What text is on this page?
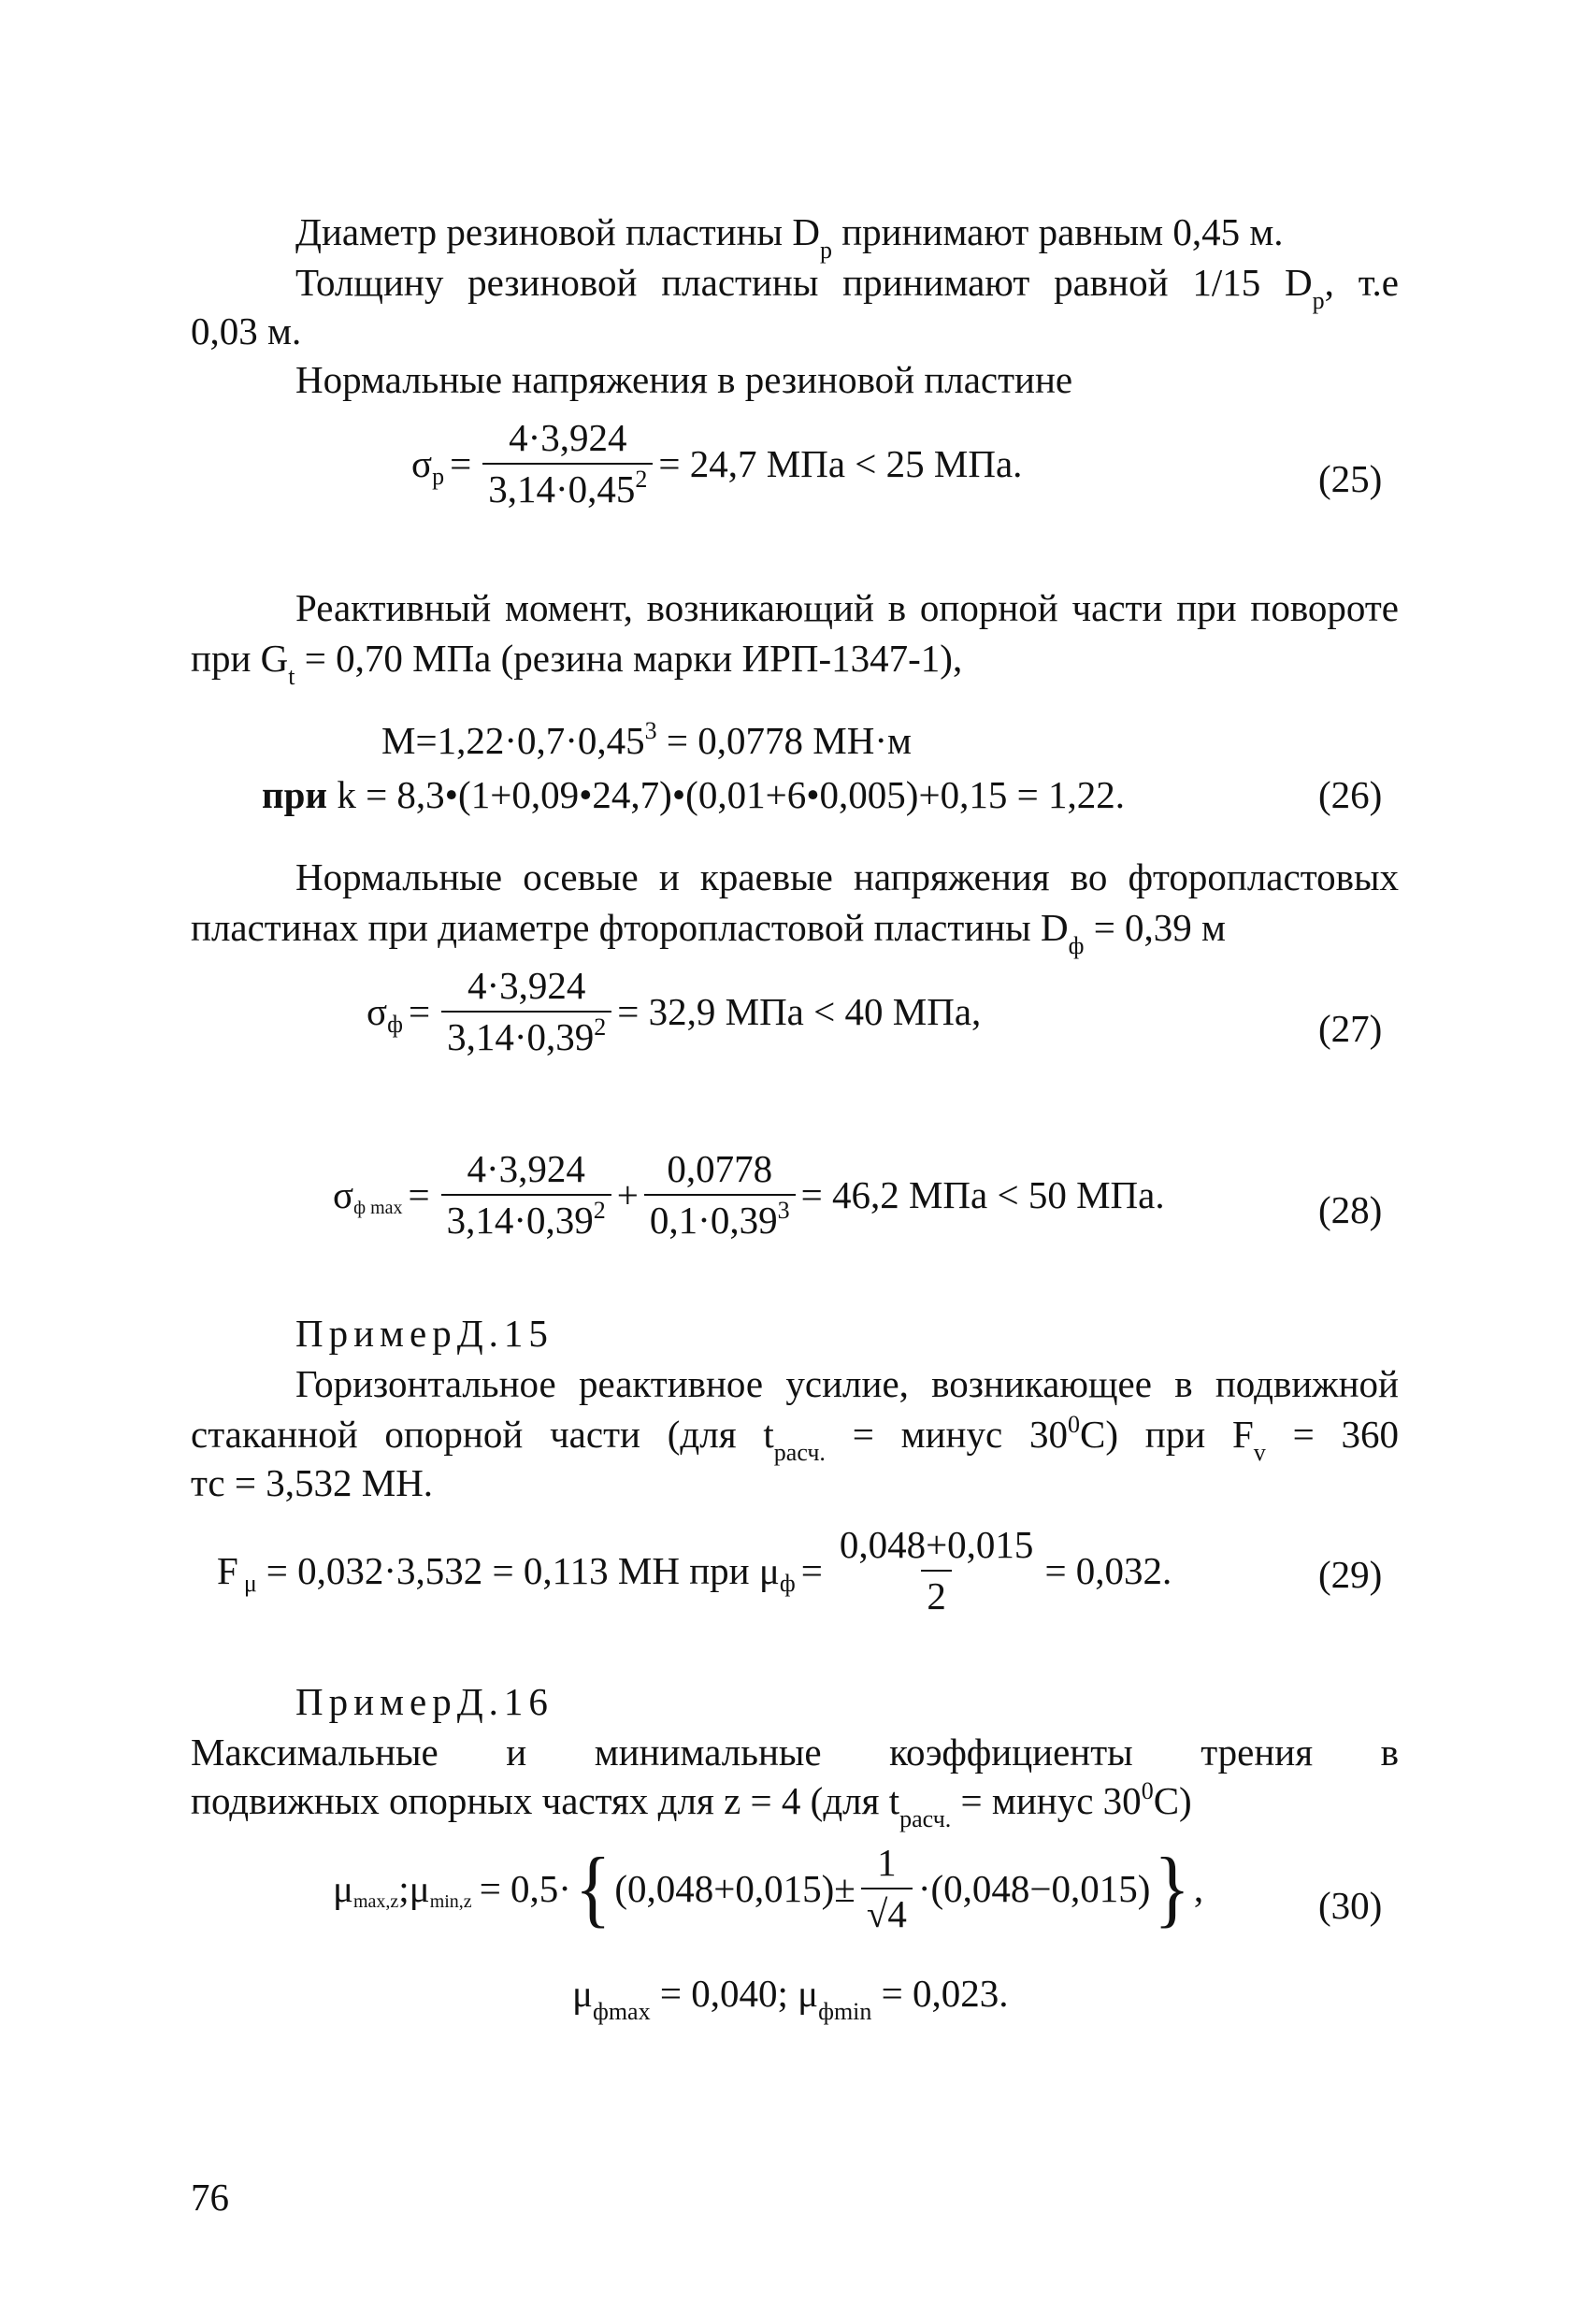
Диаметр резиновой пластины $D_р$ принимают равным 0,45 м.
Толщину резиновой пластины принимают равной 1/15 $D_р$, т.е
0,03 м.
Нормальные напряжения в резиновой пластине
σ $р = \frac{4\cdot 3,924}{3,14\cdot 0,45^2} = 24,7$ МПа < 25 МПа.	(25)
Реактивный момент, возникающий в опорной части при повороте
при $G_t = 0,70$ МПа (резина марки ИРП-1347-1),
$M=1,22\cdot 0,7\cdot 0,45^3 = 0,0778$ МН·м
при k = 8,3•(1+0,09•24,7)•(0,01+6•0,005)+0,15 = 1,22.	(26)
Нормальные осевые и краевые напряжения во фторопластовых
пластинах при диаметре фторопластовой пластины $D_ф = 0,39$ м
σ $ф = \frac{4\cdot 3,924}{3,14\cdot 0,39^2} = 32,9$ МПа < 40 МПа,	(27)
σ ф $\max = \frac{4\cdot 3,924}{3,14\cdot 0,39^2} + \frac{0,0778}{0,1\cdot 0,39^3} = 46,2$ МПа < 50 МПа.	(28)
ПримерД.15
Горизонтальное реактивное усилие, возникающее в подвижной
стаканной опорной части (для $t_{расч.}$ = минус $30^0С$) при $F_v = 360$
тс = 3,532 МН.
F μ = 0,032·3,532 = 0,113 МН при μ $ф = \frac{0,048+0,015}{2} = 0,032$.	(29)
ПримерД.16
Максимальные и минимальные коэффициенты трения в
подвижных опорных частях для z = 4 (для $t_{расч.}$ = минус $30^0С$)
μ max,z ; μ min,z = 0,5· { $(0,048+0,015)\pm \frac{1}{√ 4} \cdot(0,048-0,015)$ } ,	(30)
$\mu_{фmax} = 0,040$; $\mu_{фmin} = 0,023$.
76
